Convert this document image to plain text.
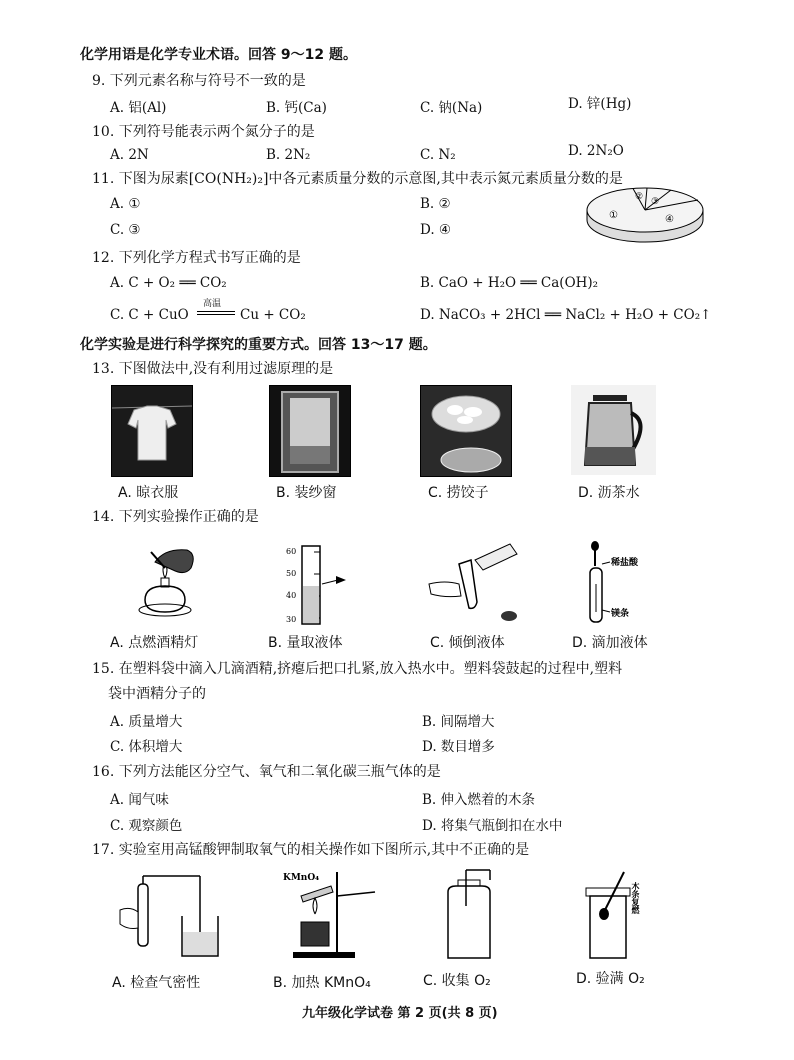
化学用语是化学专业术语。回答 9～12 题。
9. 下列元素名称与符号不一致的是
A. 铝(Al)	B. 钙(Ca)	C. 钠(Na)	D. 锌(Hg)
10. 下列符号能表示两个氮分子的是
A. 2N	B. 2N₂	C. N₂	D. 2N₂O
11. 下图为尿素[CO(NH₂)₂]中各元素质量分数的示意图,其中表示氮元素质量分数的是
A. ①	B. ②
C. ③	D. ④
①
② ③
④
12. 下列化学方程式书写正确的是
A. C + O₂ ══ CO₂	B. CaO + H₂O ══ Ca(OH)₂
C. C + CuO
高温
Cu + CO₂	D. NaCO₃ + 2HCl ══ NaCl₂ + H₂O + CO₂↑
化学实验是进行科学探究的重要方式。回答 13～17 题。
13. 下图做法中,没有利用过滤原理的是
A. 晾衣服	B. 装纱窗	C. 捞饺子	D. 沥茶水
14. 下列实验操作正确的是
60
50
40
30
稀盐酸
镁条
A. 点燃酒精灯	B. 量取液体	C. 倾倒液体	D. 滴加液体
15. 在塑料袋中滴入几滴酒精,挤瘪后把口扎紧,放入热水中。塑料袋鼓起的过程中,塑料
袋中酒精分子的
A. 质量增大	B. 间隔增大
C. 体积增大	D. 数目增多
16. 下列方法能区分空气、氧气和二氧化碳三瓶气体的是
A. 闻气味	B. 伸入燃着的木条
C. 观察颜色	D. 将集气瓶倒扣在水中
17. 实验室用高锰酸钾制取氧气的相关操作如下图所示,其中不正确的是
KMnO₄
木条复燃
A. 检查气密性	B. 加热 KMnO₄	C. 收集 O₂	D. 验满 O₂
九年级化学试卷 第 2 页(共 8 页)
